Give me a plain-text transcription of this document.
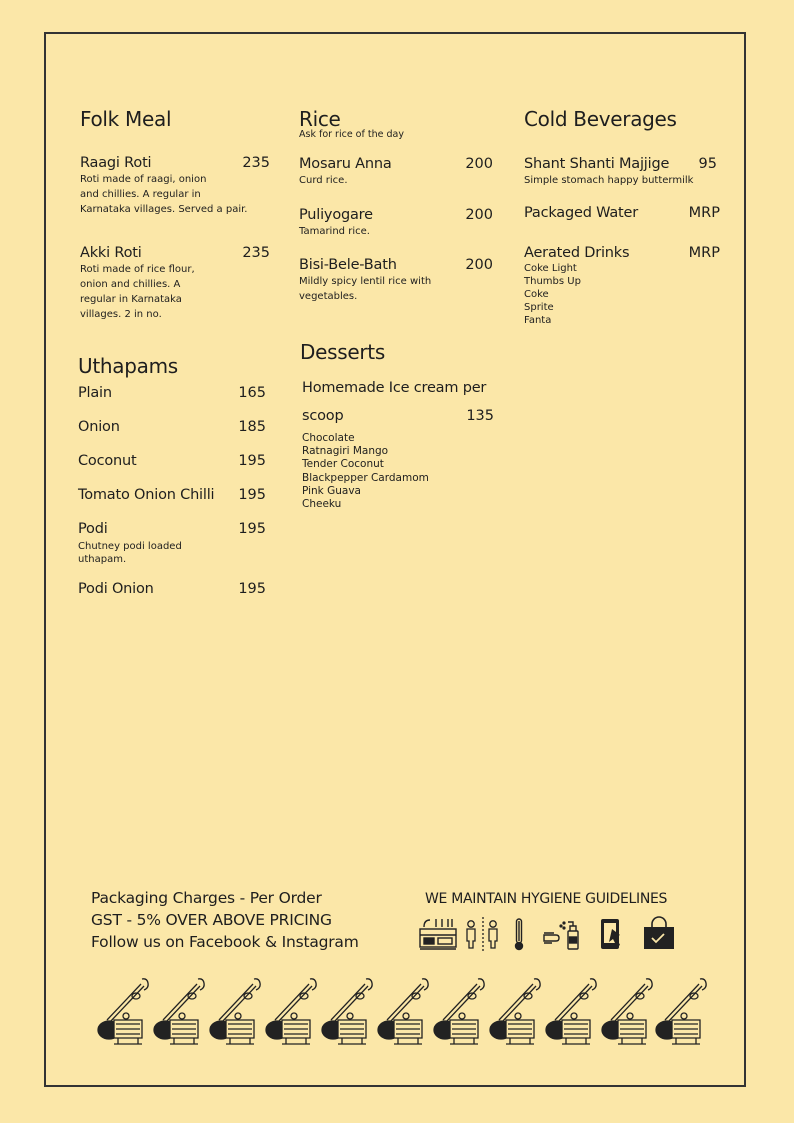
Folk Meal
Raagi Roti	235
Roti made of raagi, onion
and chillies. A regular in
Karnataka villages. Served a pair.
Akki Roti	235
Roti made of rice flour,
onion and chillies. A
regular in Karnataka
villages. 2 in no.
Uthapams
Plain	165
Onion	185
Coconut	195
Tomato Onion Chilli 195
Podi	195
Chutney podi loaded
uthapam.
Podi Onion	195
Rice
Ask for rice of the day
Mosaru Anna	200
Curd rice.
Puliyogare	200
Tamarind rice.
Bisi-Bele-Bath	200
Mildly spicy lentil rice with
vegetables.
Desserts
Homemade Ice cream per
scoop	135
Chocolate
Ratnagiri Mango
Tender Coconut
Blackpepper Cardamom
Pink Guava
Cheeku
Cold Beverages
Shant Shanti Majjige 95
Simple stomach happy buttermilk
Packaged Water	MRP
Aerated Drinks	MRP
Coke Light
Thumbs Up
Coke
Sprite
Fanta
Packaging Charges - Per Order
GST - 5% OVER ABOVE PRICING
Follow us on Facebook & Instagram
WE MAINTAIN HYGIENE GUIDELINES
